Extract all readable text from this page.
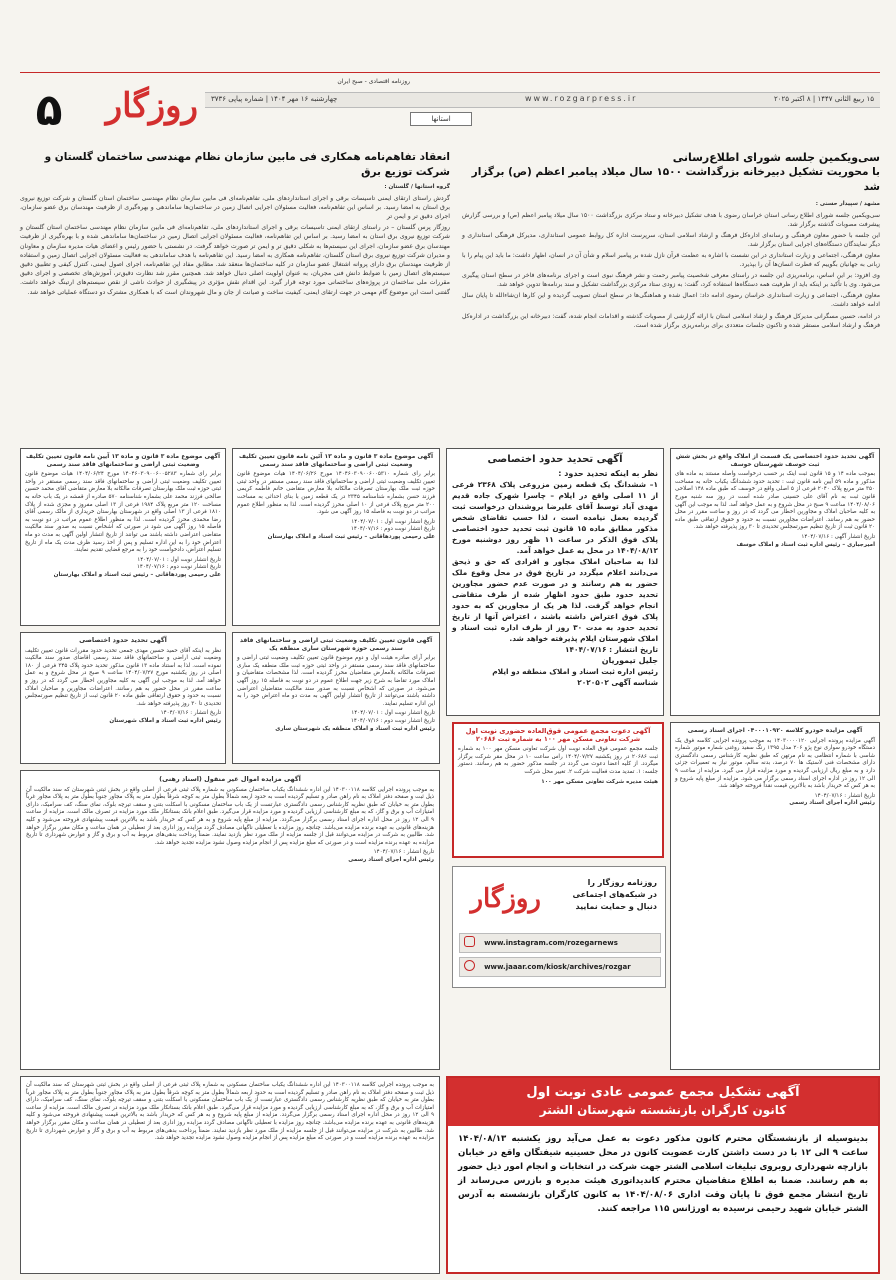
۵	روزگار
روزنامه اقتصادی - صبح ایران
چهارشنبه ۱۶ مهر ۱۴۰۴ | شماره پیاپی ۳۷۳۶	www.rozgarpress.ir	۱۵ ربیع الثانی ۱۴۴۷ | ۸ اکتبر ۲۰۲۵
استانها
انعقاد تفاهم‌نامه همکاری فی مابین سازمان نظام مهندسی ساختمان گلستان و شرکت توزیع برق
گروه استانها / گلستان :

گردش راستای ارتقای ایمنی تاسیسات برقی و اجرای استانداردهای ملی، تفاهم‌نامه‌ای فی مابین سازمان نظام مهندسی ساختمان استان گلستان و شرکت توزیع نیروی برق استان به امضا رسید. بر اساس این تفاهم‌نامه، فعالیت مسئولان اجرایی اتصال زمین در ساختمان‌ها ساماندهی و بهره‌گیری از ظرفیت مهندسان برق عضو سازمان، اجرای دقیق تر و ایمن تر

روزگار پرس گلستان – در راستای ارتقای ایمنی تاسیسات برقی و اجرای استانداردهای ملی، تفاهم‌نامه‌ای فی مابین سازمان نظام مهندسی ساختمان استان گلستان و شرکت توزیع نیروی برق استان به امضا رسید. بر اساس این تفاهم‌نامه، فعالیت مسئولان اجرایی اتصال زمین در ساختمان‌ها ساماندهی شده و با بهره‌گیری از ظرفیت مهندسان برق عضو سازمان، اجرای این سیستم‌ها به شکلی دقیق تر و ایمن تر صورت خواهد گرفت. در نشستی با حضور رئیس و اعضای هیات مدیره سازمان و معاونان و مدیران شرکت توزیع نیروی برق استان گلستان، تفاهم‌نامه همکاری به امضا رسید. این تفاهم‌نامه با هدف ساماندهی به فعالیت مسئولان اجرایی اتصال زمین و استفاده از ظرفیت مهندسان برق دارای پروانه اشتغال عضو سازمان در کلیه ساختمان‌ها منعقد شد. مطابق مفاد این تفاهم‌نامه، اجرای اصول ایمنی، کنترل کیفی و تطبیق دقیق سیستم‌های اتصال زمین با ضوابط دانش فنی مجریان، به عنوان اولویت اصلی دنبال خواهد شد. همچنین مقرر شد نظارت دقیق‌تر، آموزش‌های تخصصی و اجرای دقیق مقررات ملی ساختمان در پروژه‌های ساختمانی مورد توجه قرار گیرد. این اقدام نقش مؤثری در پیشگیری از حوادث ناشی از نقص سیستم‌های ارتینگ خواهد داشت. گفتنی است این موضوع گام مهمی در جهت ارتقای ایمنی، کیفیت ساخت و صیانت از جان و مال شهروندان است که با همکاری مشترک دو دستگاه عملیاتی خواهد شد.

سی‌ویکمین جلسه شورای اطلاع‌رسانی
با محوریت تشکیل دبیرخانه بزرگداشت ۱۵۰۰ سال میلاد پیامبر اعظم (ص) برگزار شد
مشهد / سپیدار حسنی :

سی‌ویکمین جلسه شورای اطلاع رسانی استان خراسان رضوی با هدف تشکیل دبیرخانه و ستاد مرکزی بزرگداشت ۱۵۰۰ سال میلاد پیامبر اعظم (ص) و بررسی گزارش پیشرفت مصوبات گذشته برگزار شد.

این جلسه با حضور معاون فرهنگی و رسانه‌ای اداره‌کل فرهنگ و ارشاد اسلامی استان، سرپرست اداره کل روابط عمومی استانداری، مدیرکل فرهنگی استانداری و دیگر نمایندگان دستگاه‌های اجرایی استان برگزار شد.

معاون فرهنگی، اجتماعی و زیارت استانداری در این نشست با اشاره به عظمت قرآن نازل شده بر پیامبر اسلام و شأن آن در انسان، اظهار داشت: ما باید این پیام را با زبانی به جهانیان بگوییم که فطرت انسان‌ها آن را بپذیرد.

وی افزود: بر این اساس، برنامه‌ریزی این جلسه در راستای معرفی شخصیت پیامبر رحمت و نشر فرهنگ نبوی است و اجرای برنامه‌های فاخر در سطح استان پیگیری می‌شود. وی با تأکید بر اینکه باید از ظرفیت همه دستگاه‌ها استفاده کرد، گفت: به زودی ستاد مرکزی بزرگداشت تشکیل و سند برنامه‌ها تدوین خواهد شد.

معاون فرهنگی، اجتماعی و زیارت استانداری خراسان رضوی ادامه داد: اعمال شده و هماهنگی‌ها در سطح استان تصویب گردیده و این کارها ان‌شاءالله تا پایان سال ادامه خواهد داشت.

در ادامه، حسین مسگرانی مدیرکل فرهنگ و ارشاد اسلامی استان با ارائه گزارشی از مصوبات گذشته و اقدامات انجام شده، گفت: دبیرخانه این بزرگداشت در اداره‌کل فرهنگ و ارشاد اسلامی مستقر شده و تاکنون جلسات متعددی برای برنامه‌ریزی برگزار شده است.

آگهی موضوع ماده ۳ قانون و ماده ۱۳ آیین نامه قانون تعیین تکلیف وضعیت ثبتی اراضی و ساختمانهای فاقد سند رسمی

برابر رای شماره ۱۴۰۴۶۰۳۰۹۰۰۶۰۰۵۲۸۳ مورخ ۱۴۰۴/۰۶/۲۴ هیات موضوع قانون تعیین تکلیف وضعیت ثبتی اراضی و ساختمانهای فاقد سند رسمی مستقر در واحد ثبتی حوزه ثبت ملک بهارستان تصرفات مالکانه بلا معارض متقاضی آقای محمد حسین صالحی فرزند محمد علی بشماره شناسنامه ۵۷۰ صادره از قمشه در یک باب خانه به مساحت ۱۲۰ متر مربع پلاک ۱۹۸۴ فرعی از ۱۳ اصلی مفروز و مجزی شده از پلاک ۱۸۱۰ فرعی از ۱۳ اصلی واقع در شهرستان بهارستان خریداری از مالک رسمی آقای رضا محمدی محرز گردیده است. لذا به منظور اطلاع عموم مراتب در دو نوبت به فاصله ۱۵ روز آگهی می شود در صورتی که اشخاص نسبت به صدور سند مالکیت متقاضی اعتراضی داشته باشند می توانند از تاریخ انتشار اولین آگهی به مدت دو ماه اعتراض خود را به این اداره تسلیم و پس از اخذ رسید ظرف مدت یک ماه از تاریخ تسلیم اعتراض، دادخواست خود را به مرجع قضایی تقدیم نمایند.

تاریخ انتشار نوبت اول : ۱۴۰۴/۰۷/۰۱
تاریخ انتشار نوبت دوم : ۱۴۰۴/۰۷/۱۶
علی رحیمی پوردهاقانی – رئیس ثبت اسناد و املاک بهارستان
آگهی موضوع ماده ۳ قانون و ماده ۱۳ آئین نامه قانون تعیین تکلیف وضعیت ثبتی اراضی و ساختمانهای فاقد سند رسمی

برابر رای شماره ۱۴۰۴۶۰۳۰۹۰۰۶۰۰۵۳۱۰ مورخ ۱۴۰۴/۰۶/۲۶ هیات موضوع قانون تعیین تکلیف وضعیت ثبتی اراضی و ساختمانهای فاقد سند رسمی مستقر در واحد ثبتی حوزه ثبت ملک بهارستان تصرفات مالکانه بلا معارض متقاضی خانم فاطمه کریمی فرزند حسن بشماره شناسنامه ۲۳۴۵ در یک قطعه زمین با بنای احداثی به مساحت ۲۰۰ متر مربع پلاک فرعی از ۱۰ اصلی محرز گردیده است. لذا به منظور اطلاع عموم مراتب در دو نوبت به فاصله ۱۵ روز آگهی می شود.

تاریخ انتشار نوبت اول : ۱۴۰۴/۰۷/۰۱
تاریخ انتشار نوبت دوم : ۱۴۰۴/۰۷/۱۶
علی رحیمی پوردهاقانی – رئیس ثبت اسناد و املاک بهارستان
آگهی تحدید حدود اختصاصی
نظر به اینکه تحدید حدود :
۱– ششدانگ یک قطعه زمین مزروعی پلاک ۲۳۶۸ فرعی از ۱۱ اصلی واقع در اپلام – چاسرا شهرک جاده قدیم مهدی آباد توسط آقای علیرضا بروشندان درخواست ثبت گردیده بعمل نیامده است ، لذا حسب تقاضای شخص مذکور مطابق ماده ۱۵ قانون ثبت تحدید حدود اختصاصی پلاک فوق الذکر در ساعت ۱۱ ظهر روز دوشنبه مورخ ۱۴۰۴/۰۸/۱۲ در محل به عمل خواهد آمد.
لذا به صاحبان املاک مجاور و افرادی که حق و ذیحق می‌دانند اعلام میگردد در تاریخ فوق در محل وقوع ملک حضور به هم رسانند و در صورت عدم حضور مجاورین تحدید حدود طبق حدود اظهار شده از طرف متقاضی انجام خواهد گرفت. لذا هر یک از مجاورین که به حدود پلاک فوق اعتراض داشته باشند ، اعتراض آنها از تاریخ تحدید حدود به مدت ۳۰ روز از طرف اداره ثبت اسناد و املاک شهرستان ایلام پذیرفته خواهد شد.
تاریخ انتشار : ۱۴۰۴/۰۷/۱۶
جلیل تیموریان
رئیس اداره ثبت اسناد و املاک منطقه دو ایلام
شناسه آگهی ۲۰۲۰۵۰۲
آگهی تحدید حدود اختصاصی یک قسمت از املاک واقع در بخش شش ثبت خوسف شهرستان خوسف

بموجب ماده ۱۴ و ۱۵ قانون ثبت اینک بر حسب درخواست واصله مستند به ماده های مذکور و ماده ۵۹ آیین نامه قانون ثبت : تحدید حدود ششدانگ یکباب خانه به مساحت ۳۵۰ متر مربع پلاک ۲۰۴۰ فرعی از ۵ اصلی واقع در خوسف که طبق ماده ۱۴۸ اصلاحی قانون ثبت به نام آقای علی حسینی صادر شده است در روز سه شنبه مورخ ۱۴۰۴/۰۸/۰۶ ساعت ۹ صبح در محل شروع و به عمل خواهد آمد. لذا به موجب این آگهی به کلیه صاحبان املاک و مجاورین اخطار می گردد که در روز و ساعت مقرر در محل حضور به هم رسانند. اعتراضات مجاورین نسبت به حدود و حقوق ارتفاقی طبق ماده ۲۰ قانون ثبت از تاریخ تنظیم صورتمجلس تحدیدی تا ۳۰ روز پذیرفته خواهد شد.

تاریخ انتشار آگهی : ۱۴۰۴/۰۷/۱۶
امیرجباری – رئیس اداره ثبت اسناد و املاک خوسف
آگهی تحدید حدود اختصاصی

نظر به اینکه آقای حمید حسین مهدی جمعی تحدید حدود مقررات قانون تعیین تکلیف وضعیت ثبتی اراضی و ساختمانهای فاقد سند رسمی اقاضای صدور سند مالکیت نموده است. لذا به استناد ماده ۱۳ قانون مذکور تحدید حدود پلاک ۳۴۵ فرعی از ۱۸۰ اصلی در روز یکشنبه مورخ ۱۴۰۴/۰۷/۲۷ ساعت ۹ صبح در محل شروع و به عمل خواهد آمد. لذا به موجب این آگهی به کلیه مجاورین اخطار می گردد که در روز و ساعت مقرر در محل حضور به هم رسانند. اعتراضات مجاورین و صاحبان املاک نسبت به حدود و حقوق ارتفاقی طبق ماده ۲۰ قانون ثبت از تاریخ تنظیم صورتمجلس تحدیدی تا ۳۰ روز پذیرفته خواهد شد.

تاریخ انتشار : ۱۴۰۴/۰۷/۱۶
رئیس اداره ثبت اسناد و املاک شهرستان
آگهی قانون تعیین تکلیف وضعیت ثبتی اراضی و ساختمانهای فاقد سند رسمی حوزه شهرستان ساری منطقه یک

برابر آرای صادره هیئت اول و دوم موضوع قانون تعیین تکلیف وضعیت ثبتی اراضی و ساختمانهای فاقد سند رسمی مستقر در واحد ثبتی حوزه ثبت ملک منطقه یک ساری تصرفات مالکانه بلامعارض متقاضیان محرز گردیده است. لذا مشخصات متقاضیان و املاک مورد تقاضا به شرح زیر جهت اطلاع عموم در دو نوبت به فاصله ۱۵ روز آگهی می‌شود. در صورتی که اشخاص نسبت به صدور سند مالکیت متقاضیان اعتراضی داشته باشند می‌توانند از تاریخ انتشار اولین آگهی به مدت دو ماه اعتراض خود را به این اداره تسلیم نمایند.

تاریخ انتشار نوبت اول : ۱۴۰۴/۰۷/۰۱
تاریخ انتشار نوبت دوم : ۱۴۰۴/۰۷/۱۶
رئیس اداره ثبت اسناد و املاک منطقه یک شهرستان ساری
آگهی مزایده اموال غیر منقول (اسناد رهنی)

به موجب پرونده اجرایی کلاسه ۱۴۰۳۰۰۱۱۸ این اداره ششدانگ یکباب ساختمان مسکونی به شماره پلاک ثبتی فرعی از اصلی واقع در بخش ثبتی شهرستان که سند مالکیت آن ذیل ثبت و صفحه دفتر املاک به نام راهن صادر و تسلیم گردیده است به حدود اربعه شمالاً بطول متر به کوچه شرقاً بطول متر به پلاک مجاور جنوباً بطول متر به پلاک مجاور غرباً بطول متر به خیابان که طبق نظریه کارشناس رسمی دادگستری عبارتست از یک باب ساختمان مسکونی با اسکلت بتنی و سقف تیرچه بلوک، نمای سنگ، کف سرامیک، دارای امتیازات آب و برق و گاز، که به مبلغ کارشناسی ارزیابی گردیده و مورد مزایده قرار می‌گیرد. طبق اعلام بانک بستانکار ملک مورد مزایده در تصرف مالک است. مزایده از ساعت ۹ الی ۱۲ روز در محل اداره اجرای اسناد رسمی برگزار می‌گردد. مزایده از مبلغ پایه شروع و به هر کس که خریدار باشد به بالاترین قیمت پیشنهادی فروخته می‌شود و کلیه هزینه‌های قانونی به عهده برنده مزایده می‌باشد. چنانچه روز مزایده با تعطیلی ناگهانی مصادف گردد مزایده روز اداری بعد از تعطیلی در همان ساعت و مکان مقرر برگزار خواهد شد. طالبین به شرکت در مزایده می‌توانند قبل از جلسه مزایده از ملک مورد نظر بازدید نمایند. ضمناً پرداخت بدهی‌های مربوط به آب و برق و گاز و عوارض شهرداری تا تاریخ مزایده به عهده برنده مزایده است و در صورتی که مبلغ مزایده پس از انجام مزایده وصول نشود مزایده تجدید خواهد شد.

تاریخ انتشار : ۱۴۰۴/۰۷/۱۶
رئیس اداره اجرای اسناد رسمی
آگهی دعوت مجمع عمومی فوق‌العاده حضوری نوبت اول
شرکت تعاونی مسکن مهر ۱۰۰ به شماره ثبت ۲۰۶۸۶

جلسه مجمع عمومی فوق العاده نوبت اول شرکت تعاونی مسکن مهر ۱۰۰ به شماره ثبت ۲۰۶۸۶ در روز یکشنبه ۱۴۰۴/۰۷/۲۷ راس ساعت ۱۰ در محل مقر شرکت برگزار میگردد. از کلیه اعضا دعوت می گردد در جلسه مذکور حضور به هم رسانند. دستور جلسه: ۱. تمدید مدت فعالیت شرکت ۲. تغییر محل شرکت

هیئت مدیره شرکت تعاونی مسکن مهر ۱۰۰
آگهی مزایده خودرو کلاسه ۰۴۰۰۰۱۰۹۲۰ اجرای اسناد رسمی

آگهی مزایده پرونده اجرایی ۱۴۰۳۰۰۰۰۱۲۰ به موجب پرونده اجرایی کلاسه فوق یک دستگاه خودرو سواری نوع پژو ۲۰۶ مدل ۱۳۹۵ رنگ سفید روغنی شماره موتور شماره شاسی با شماره انتظامی به نام مرتهن که طبق نظریه کارشناس رسمی دادگستری دارای مشخصات فنی لاستیک ها ۷۰ درصد، بدنه سالم، موتور نیاز به تعمیرات جزئی دارد و به مبلغ ریال ارزیابی گردیده و مورد مزایده قرار می گیرد. مزایده از ساعت ۹ الی ۱۲ روز در اداره اجرای اسناد رسمی برگزار می شود. مزایده از مبلغ پایه شروع و به هر کس که خریدار باشد به بالاترین قیمت نقداً فروخته خواهد شد.

تاریخ انتشار : ۱۴۰۴/۰۷/۱۶
رئیس اداره اجرای اسناد رسمی
روزگار
روزنامه روزگار را
در شبکه‌های اجتماعی
دنبال و حمایت نمایید
$^{www.instagram.com/rozegarnews}$
$^{www.jaaar.com/kiosk/archives/rozgar}$
آگهی تشکیل مجمع عمومی عادی نوبت اول
کانون کارگران بازنشسته شهرستان الشتر
بدینوسیله از بازنشستگان محترم کانون مذکور دعوت به عمل می‌آید روز یکشنبه ۱۴۰۴/۰۸/۱۳ ساعت ۹ الی ۱۲ با در دست داشتن کارت عضویت کانون در محل حسینیه شیفتگان واقع در خیابان بازارچه شهرداری روبروی تبلیغات اسلامی الشتر جهت شرکت در انتخابات و انجام امور ذیل حضور به هم رسانند. ضمنا به اطلاع متقاضیان محترم کاندیداتوری هیئت مدیره و بازرس می‌رساند از تاریخ انتشار مجمع فوق تا پایان وقت اداری ۱۴۰۴/۰۸/۰۶ به کانون کارگران بازنشسته به آدرس الشتر خیابان شهید رحیمی نرسیده به اورژانس ۱۱۵ مراجعه کنند.

به موجب پرونده اجرایی کلاسه ۱۴۰۳۰۰۱۱۸ این اداره ششدانگ یکباب ساختمان مسکونی به شماره پلاک ثبتی فرعی از اصلی واقع در بخش ثبتی شهرستان که سند مالکیت آن ذیل ثبت و صفحه دفتر املاک به نام راهن صادر و تسلیم گردیده است به حدود اربعه شمالاً بطول متر به کوچه شرقاً بطول متر به پلاک مجاور جنوباً بطول متر به پلاک مجاور غرباً بطول متر به خیابان که طبق نظریه کارشناس رسمی دادگستری عبارتست از یک باب ساختمان مسکونی با اسکلت بتنی و سقف تیرچه بلوک، نمای سنگ، کف سرامیک، دارای امتیازات آب و برق و گاز، که به مبلغ کارشناسی ارزیابی گردیده و مورد مزایده قرار می‌گیرد. طبق اعلام بانک بستانکار ملک مورد مزایده در تصرف مالک است. مزایده از ساعت ۹ الی ۱۲ روز در محل اداره اجرای اسناد رسمی برگزار می‌گردد. مزایده از مبلغ پایه شروع و به هر کس که خریدار باشد به بالاترین قیمت پیشنهادی فروخته می‌شود و کلیه هزینه‌های قانونی به عهده برنده مزایده می‌باشد. چنانچه روز مزایده با تعطیلی ناگهانی مصادف گردد مزایده روز اداری بعد از تعطیلی در همان ساعت و مکان مقرر برگزار خواهد شد. طالبین به شرکت در مزایده می‌توانند قبل از جلسه مزایده از ملک مورد نظر بازدید نمایند. ضمناً پرداخت بدهی‌های مربوط به آب و برق و گاز و عوارض شهرداری تا تاریخ مزایده به عهده برنده مزایده است و در صورتی که مبلغ مزایده پس از انجام مزایده وصول نشود مزایده تجدید خواهد شد.
